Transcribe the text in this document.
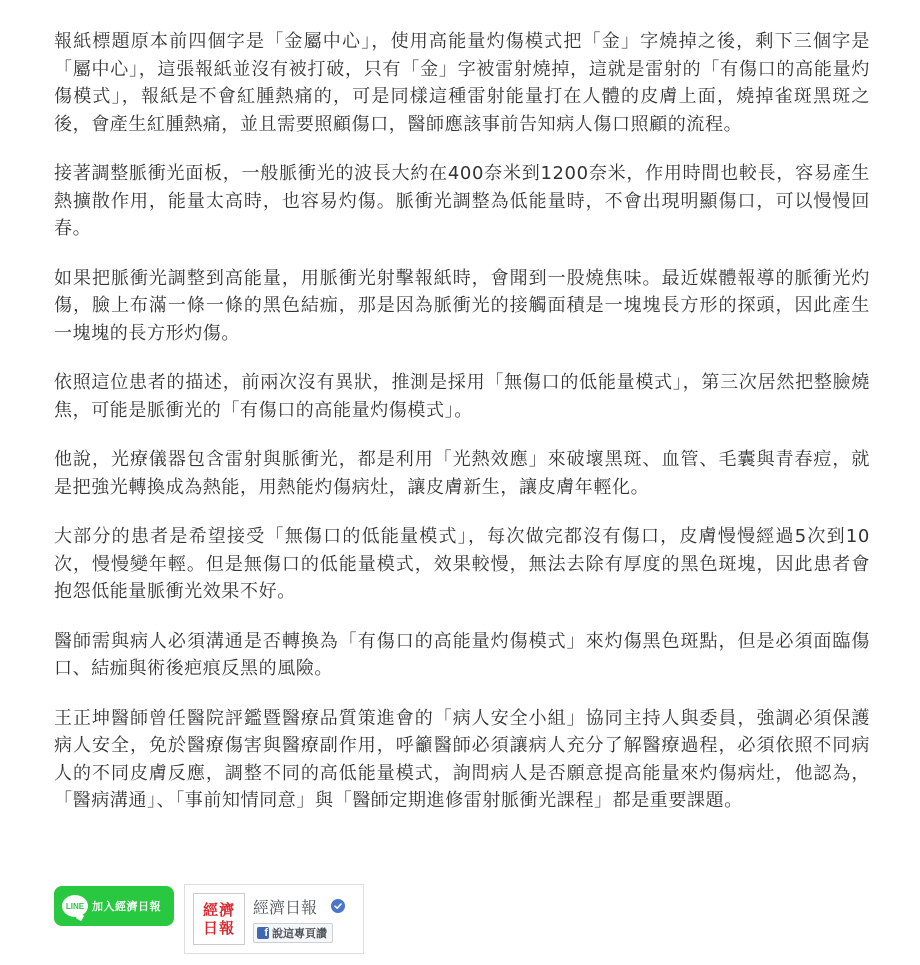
報紙標題原本前四個字是「金屬中心」，使用高能量灼傷模式把「金」字燒掉之後，剩下三個字是「屬中心」，這張報紙並沒有被打破，只有「金」字被雷射燒掉，這就是雷射的「有傷口的高能量灼傷模式」，報紙是不會紅腫熱痛的，可是同樣這種雷射能量打在人體的皮膚上面，燒掉雀斑黑斑之後，會產生紅腫熱痛，並且需要照顧傷口，醫師應該事前告知病人傷口照顧的流程。

接著調整脈衝光面板，一般脈衝光的波長大約在400奈米到1200奈米，作用時間也較長，容易產生熱擴散作用，能量太高時，也容易灼傷。脈衝光調整為低能量時，不會出現明顯傷口，可以慢慢回春。

如果把脈衝光調整到高能量，用脈衝光射擊報紙時，會聞到一股燒焦味。最近媒體報導的脈衝光灼傷，臉上布滿一條一條的黑色結痂，那是因為脈衝光的接觸面積是一塊塊長方形的探頭，因此產生一塊塊的長方形灼傷。

依照這位患者的描述，前兩次沒有異狀，推測是採用「無傷口的低能量模式」，第三次居然把整臉燒焦，可能是脈衝光的「有傷口的高能量灼傷模式」。

他說，光療儀器包含雷射與脈衝光，都是利用「光熱效應」來破壞黑斑、血管、毛囊與青春痘，就是把強光轉換成為熱能，用熱能灼傷病灶，讓皮膚新生，讓皮膚年輕化。

大部分的患者是希望接受「無傷口的低能量模式」，每次做完都沒有傷口，皮膚慢慢經過5次到10次，慢慢變年輕。但是無傷口的低能量模式，效果較慢，無法去除有厚度的黑色斑塊，因此患者會抱怨低能量脈衝光效果不好。

醫師需與病人必須溝通是否轉換為「有傷口的高能量灼傷模式」來灼傷黑色斑點，但是必須面臨傷口、結痂與術後疤痕反黑的風險。

王正坤醫師曾任醫院評鑑暨醫療品質策進會的「病人安全小組」協同主持人與委員，強調必須保護病人安全，免於醫療傷害與醫療副作用，呼籲醫師必須讓病人充分了解醫療過程，必須依照不同病人的不同皮膚反應，調整不同的高低能量模式，詢問病人是否願意提高能量來灼傷病灶，他認為，「醫病溝通」、「事前知情同意」與「醫師定期進修雷射脈衝光課程」都是重要課題。

LINE 加入經濟日報	經濟
日報
經濟日報
f 說這專頁讚
